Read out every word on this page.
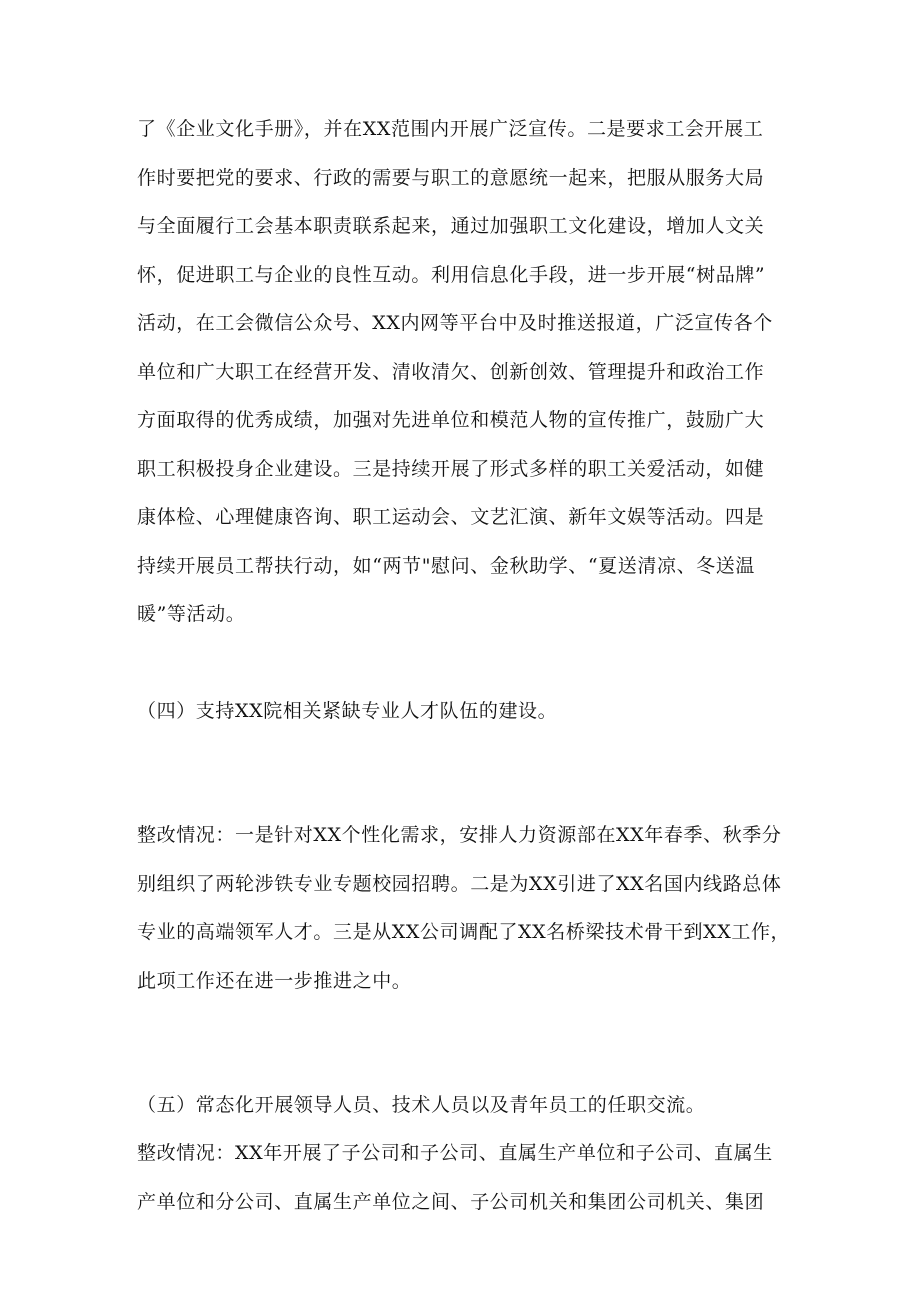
了《企业文化手册》，并在XX范围内开展广泛宣传。二是要求工会开展工

作时要把党的要求、行政的需要与职工的意愿统一起来，把服从服务大局

与全面履行工会基本职责联系起来，通过加强职工文化建设，增加人文关

怀，促进职工与企业的良性互动。利用信息化手段，进一步开展“树品牌”

活动，在工会微信公众号、XX内网等平台中及时推送报道，广泛宣传各个

单位和广大职工在经营开发、清收清欠、创新创效、管理提升和政治工作

方面取得的优秀成绩，加强对先进单位和模范人物的宣传推广，鼓励广大

职工积极投身企业建设。三是持续开展了形式多样的职工关爱活动，如健

康体检、心理健康咨询、职工运动会、文艺汇演、新年文娱等活动。四是

持续开展员工帮扶行动，如“两节"慰问、金秋助学、“夏送清凉、冬送温

暖”等活动。

（四）支持XX院相关紧缺专业人才队伍的建设。

整改情况：一是针对XX个性化需求，安排人力资源部在XX年春季、秋季分

别组织了两轮涉铁专业专题校园招聘。二是为XX引进了XX名国内线路总体

专业的高端领军人才。三是从XX公司调配了XX名桥梁技术骨干到XX工作，

此项工作还在进一步推进之中。

（五）常态化开展领导人员、技术人员以及青年员工的任职交流。

整改情况：XX年开展了子公司和子公司、直属生产单位和子公司、直属生

产单位和分公司、直属生产单位之间、子公司机关和集团公司机关、集团
